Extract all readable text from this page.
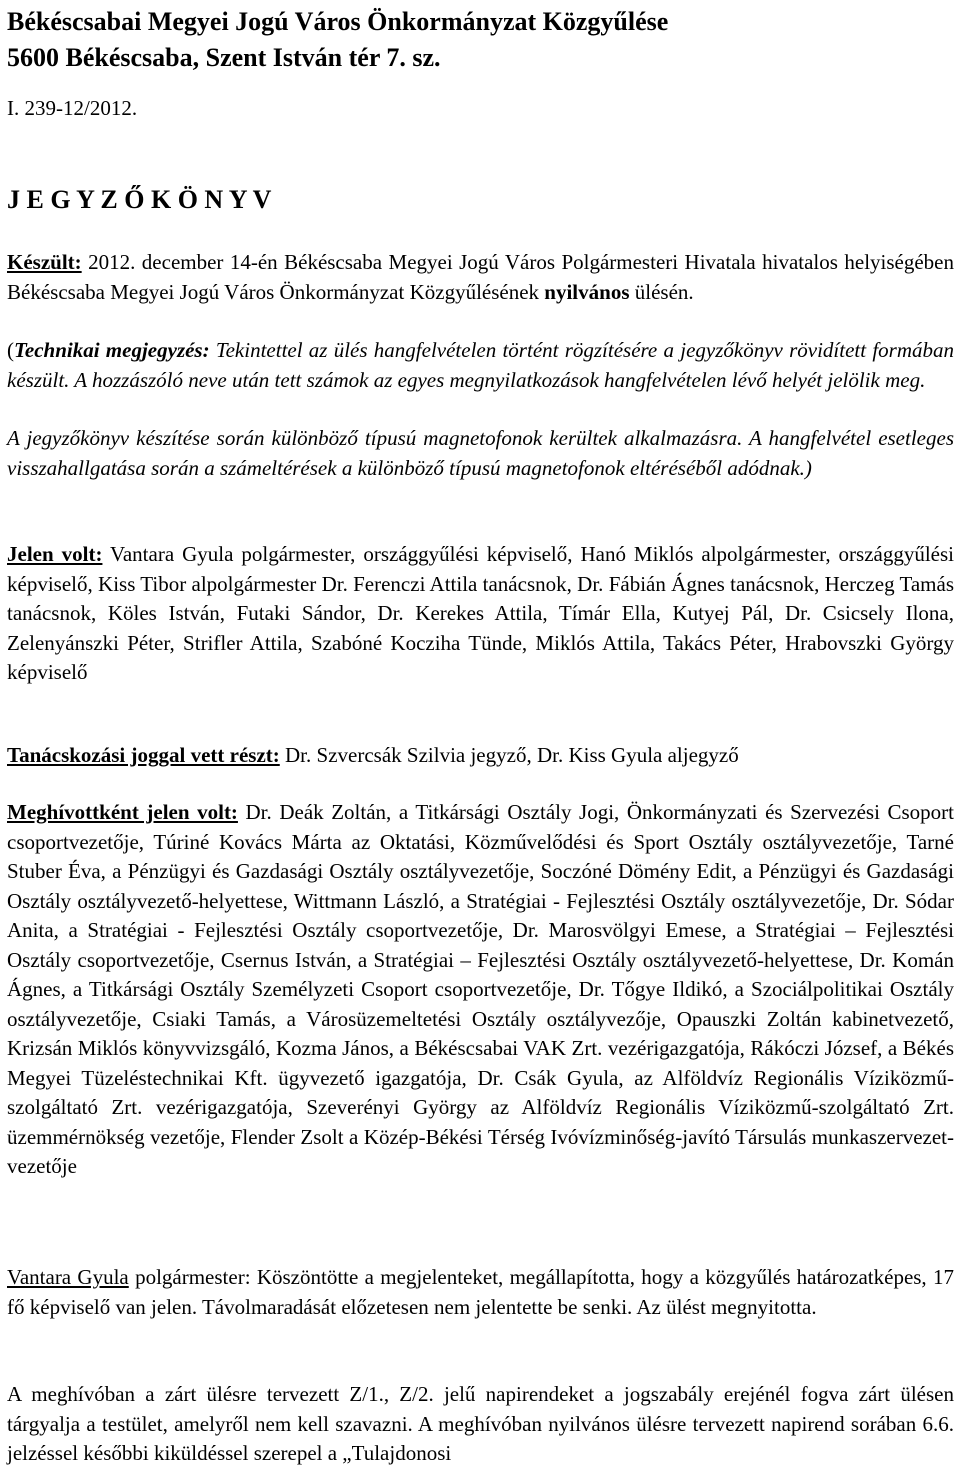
Békéscsabai Megyei Jogú Város Önkormányzat Közgyűlése
5600 Békéscsaba, Szent István tér 7. sz.
I. 239-12/2012.
J E G Y Z Ő K Ö N Y V

Készült: 2012. december 14-én Békéscsaba Megyei Jogú Város Polgármesteri Hivatala hivatalos helyiségében Békéscsaba Megyei Jogú Város Önkormányzat Közgyűlésének nyilvános ülésén.

(Technikai megjegyzés: Tekintettel az ülés hangfelvételen történt rögzítésére a jegyzőkönyv rövidített formában készült. A hozzászóló neve után tett számok az egyes megnyilatkozások hangfelvételen lévő helyét jelölik meg.

A jegyzőkönyv készítése során különböző típusú magnetofonok kerültek alkalmazásra. A hangfelvétel esetleges visszahallgatása során a számeltérések a különböző típusú magnetofonok eltéréséből adódnak.)

Jelen volt: Vantara Gyula polgármester, országgyűlési képviselő, Hanó Miklós alpolgármester, országgyűlési képviselő, Kiss Tibor alpolgármester Dr. Ferenczi Attila tanácsnok, Dr. Fábián Ágnes tanácsnok, Herczeg Tamás tanácsnok, Köles István, Futaki Sándor, Dr. Kerekes Attila, Tímár Ella, Kutyej Pál, Dr. Csicsely Ilona, Zelenyánszki Péter, Strifler Attila, Szabóné Kocziha Tünde, Miklós Attila, Takács Péter, Hrabovszki György képviselő

Tanácskozási joggal vett részt: Dr. Szvercsák Szilvia jegyző, Dr. Kiss Gyula aljegyző

Meghívottként jelen volt: Dr. Deák Zoltán, a Titkársági Osztály Jogi, Önkormányzati és Szervezési Csoport csoportvezetője, Túriné Kovács Márta az Oktatási, Közművelődési és Sport Osztály osztályvezetője, Tarné Stuber Éva, a Pénzügyi és Gazdasági Osztály osztályvezetője, Soczóné Dömény Edit, a Pénzügyi és Gazdasági Osztály osztályvezető-helyettese, Wittmann László, a Stratégiai - Fejlesztési Osztály osztályvezetője, Dr. Sódar Anita, a Stratégiai - Fejlesztési Osztály csoportvezetője, Dr. Marosvölgyi Emese, a Stratégiai – Fejlesztési Osztály csoportvezetője, Csernus István, a Stratégiai – Fejlesztési Osztály osztályvezető-helyettese, Dr. Komán Ágnes, a Titkársági Osztály Személyzeti Csoport csoportvezetője, Dr. Tőgye Ildikó, a Szociálpolitikai Osztály osztályvezetője, Csiaki Tamás, a Városüzemeltetési Osztály osztályvezője, Opauszki Zoltán kabinetvezető, Krizsán Miklós könyvvizsgáló, Kozma János, a Békéscsabai VAK Zrt. vezérigazgatója, Rákóczi József, a Békés Megyei Tüzeléstechnikai Kft. ügyvezető igazgatója, Dr. Csák Gyula, az Alföldvíz Regionális Víziközmű-szolgáltató Zrt. vezérigazgatója, Szeverényi György az Alföldvíz Regionális Víziközmű-szolgáltató Zrt. üzemmérnökség vezetője, Flender Zsolt a Közép-Békési Térség Ivóvízminőség-javító Társulás munkaszervezet-vezetője

Vantara Gyula polgármester: Köszöntötte a megjelenteket, megállapította, hogy a közgyűlés határozatképes, 17 fő képviselő van jelen. Távolmaradását előzetesen nem jelentette be senki. Az ülést megnyitotta.

A meghívóban a zárt ülésre tervezett Z/1., Z/2. jelű napirendeket a jogszabály erejénél fogva zárt ülésen tárgyalja a testület, amelyről nem kell szavazni. A meghívóban nyilvános ülésre tervezett napirend sorában 6.6. jelzéssel későbbi kiküldéssel szerepel a „Tulajdonosi
